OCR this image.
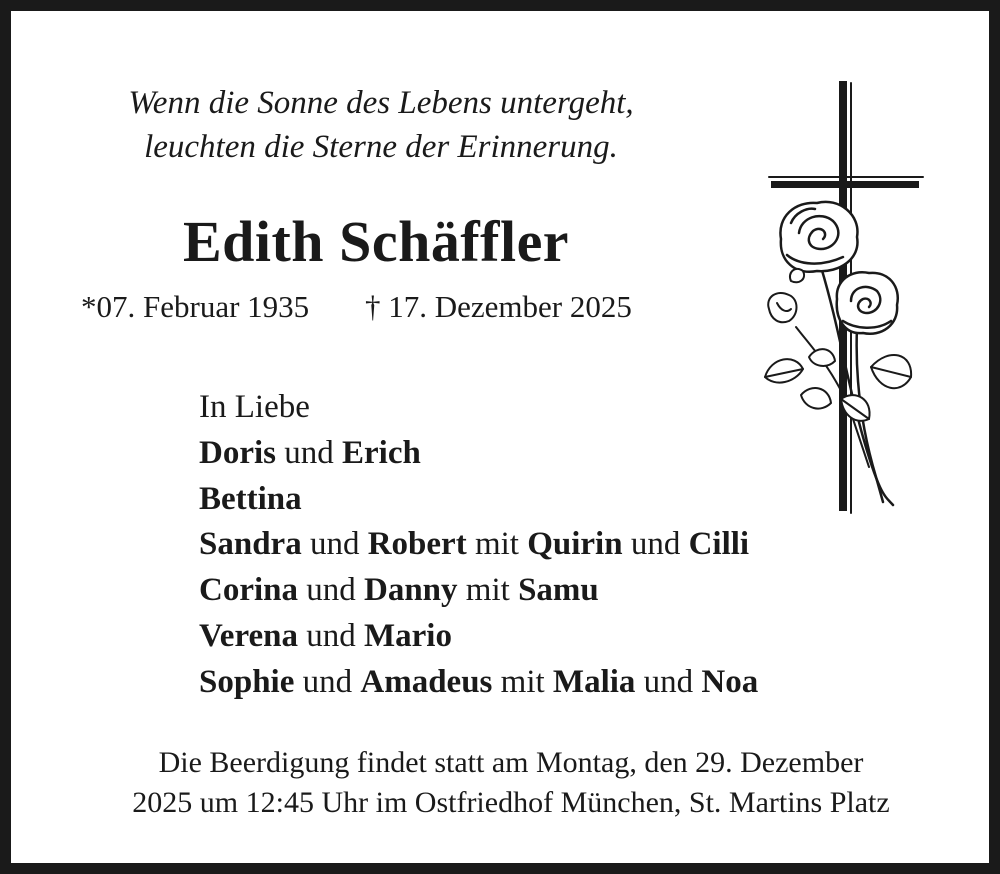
Wenn die Sonne des Lebens untergeht,
leuchten die Sterne der Erinnerung.
Edith Schäffler
*07. Februar 1935 † 17. Dezember 2025
In Liebe
Doris und Erich
Bettina
Sandra und Robert mit Quirin und Cilli
Corina und Danny mit Samu
Verena und Mario
Sophie und Amadeus mit Malia und Noa
Die Beerdigung findet statt am Montag, den 29. Dezember
2025 um 12:45 Uhr im Ostfriedhof München, St. Martins Platz
